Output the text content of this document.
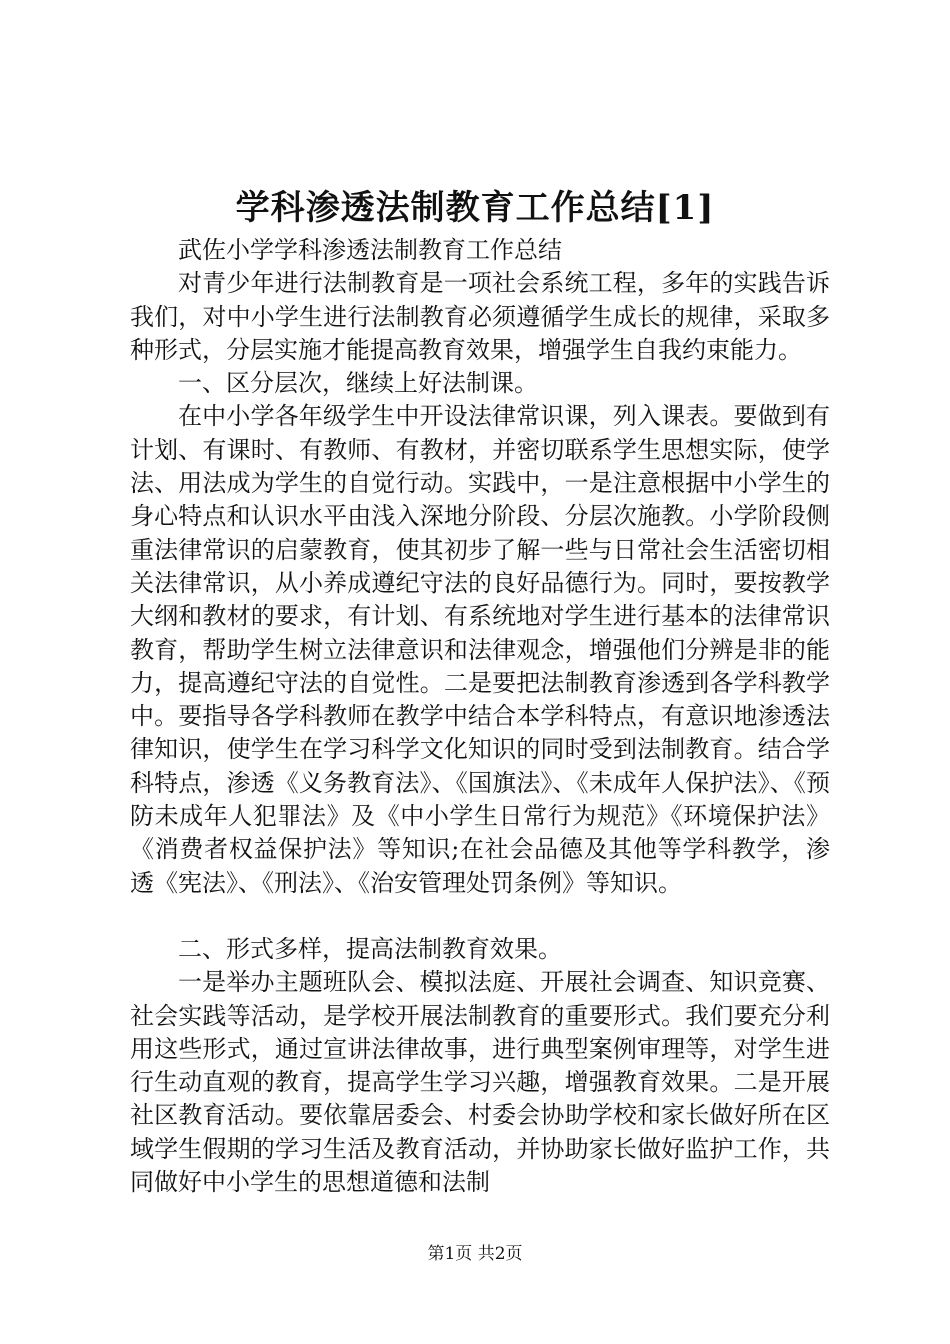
学科渗透法制教育工作总结[1]

武佐小学学科渗透法制教育工作总结

对青少年进行法制教育是一项社会系统工程，多年的实践告诉我们，对中小学生进行法制教育必须遵循学生成长的规律，采取多种形式，分层实施才能提高教育效果，增强学生自我约束能力。

一、区分层次，继续上好法制课。

在中小学各年级学生中开设法律常识课，列入课表。要做到有计划、有课时、有教师、有教材，并密切联系学生思想实际，使学法、用法成为学生的自觉行动。实践中，一是注意根据中小学生的身心特点和认识水平由浅入深地分阶段、分层次施教。小学阶段侧重法律常识的启蒙教育，使其初步了解一些与日常社会生活密切相关法律常识，从小养成遵纪守法的良好品德行为。同时，要按教学大纲和教材的要求，有计划、有系统地对学生进行基本的法律常识教育，帮助学生树立法律意识和法律观念，增强他们分辨是非的能力，提高遵纪守法的自觉性。二是要把法制教育渗透到各学科教学中。要指导各学科教师在教学中结合本学科特点，有意识地渗透法律知识，使学生在学习科学文化知识的同时受到法制教育。结合学科特点，渗透《义务教育法》、《国旗法》、《未成年人保护法》、《预防未成年人犯罪法》及《中小学生日常行为规范》《环境保护法》《消费者权益保护法》等知识;在社会品德及其他等学科教学，渗透《宪法》、《刑法》、《治安管理处罚条例》等知识。

二、形式多样，提高法制教育效果。

一是举办主题班队会、模拟法庭、开展社会调查、知识竞赛、社会实践等活动，是学校开展法制教育的重要形式。我们要充分利用这些形式，通过宣讲法律故事，进行典型案例审理等，对学生进行生动直观的教育，提高学生学习兴趣，增强教育效果。二是开展社区教育活动。要依靠居委会、村委会协助学校和家长做好所在区域学生假期的学习生活及教育活动，并协助家长做好监护工作，共同做好中小学生的思想道德和法制

第1页 共2页
